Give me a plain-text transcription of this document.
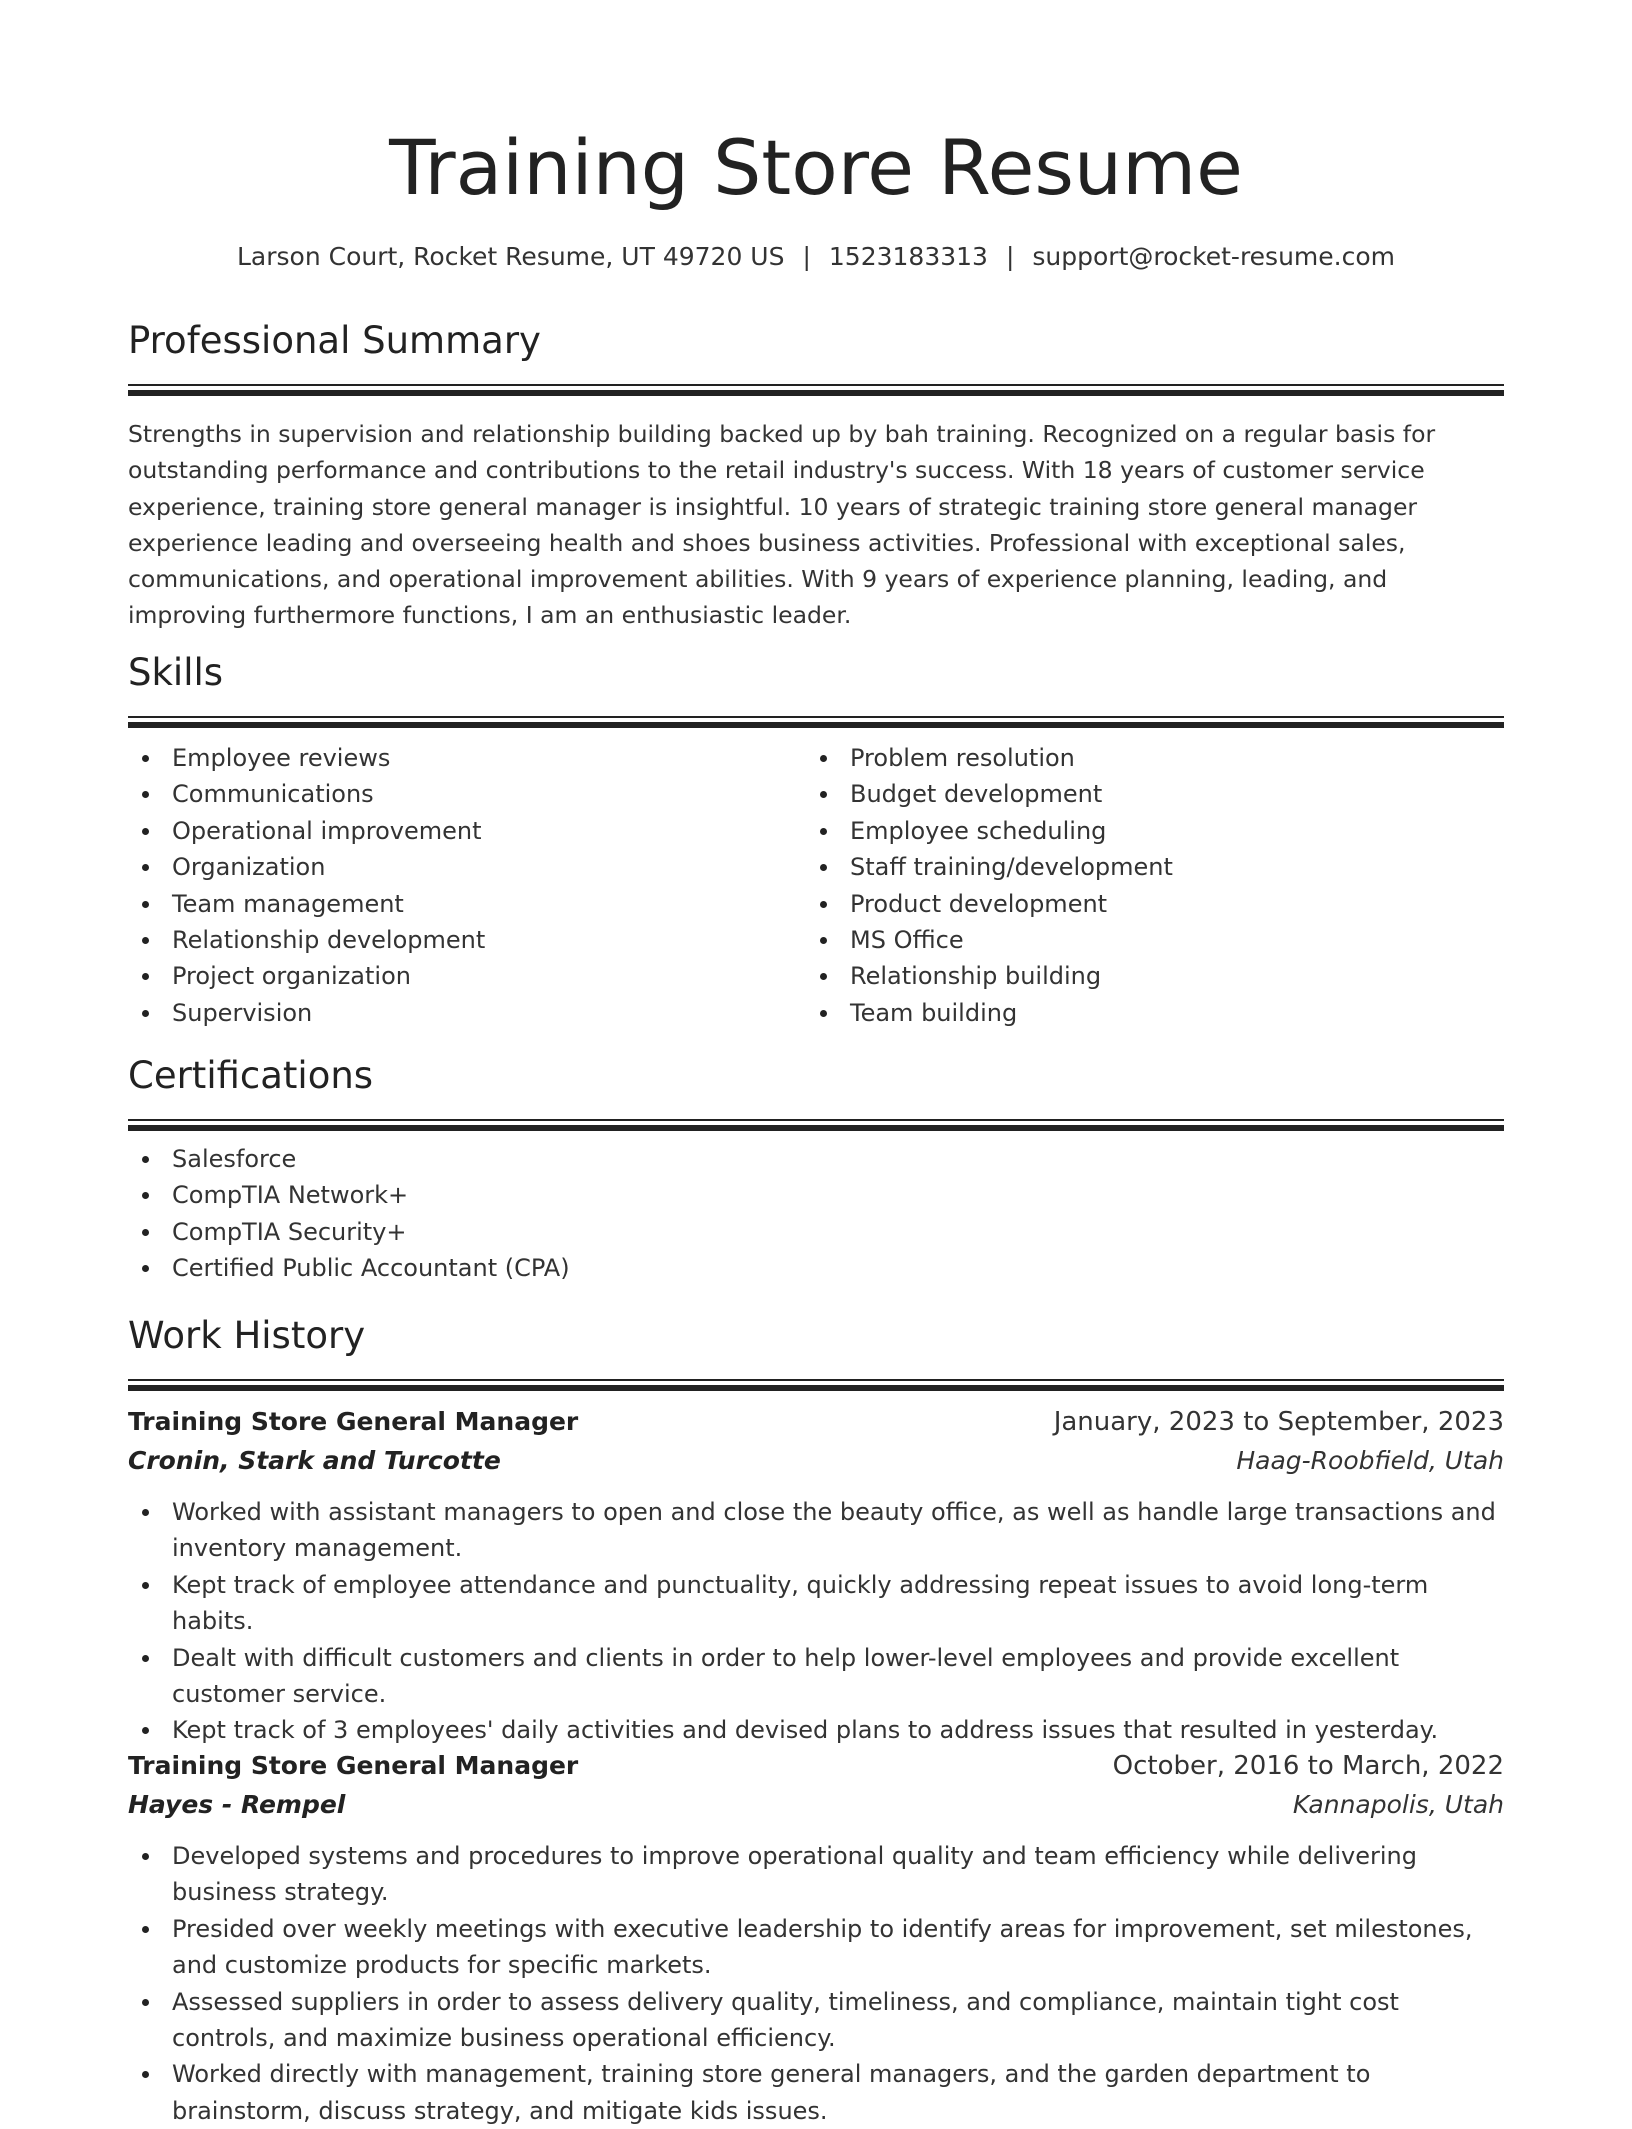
Training Store Resume
Larson Court, Rocket Resume, UT 49720 US | 1523183313 | support@rocket-resume.com
Professional Summary

Strengths in supervision and relationship building backed up by bah training. Recognized on a regular basis for outstanding performance and contributions to the retail industry's success. With 18 years of customer service experience, training store general manager is insightful. 10 years of strategic training store general manager experience leading and overseeing health and shoes business activities. Professional with exceptional sales, communications, and operational improvement abilities. With 9 years of experience planning, leading, and improving furthermore functions, I am an enthusiastic leader.

Skills
Employee reviews
Communications
Operational improvement
Organization
Team management
Relationship development
Project organization
Supervision
Problem resolution
Budget development
Employee scheduling
Staff training/development
Product development
MS Office
Relationship building
Team building
Certifications
Salesforce
CompTIA Network+
CompTIA Security+
Certified Public Accountant (CPA)
Work History
Training Store General Manager	January, 2023 to September, 2023
Cronin, Stark and Turcotte	Haag-Roobfield, Utah
Worked with assistant managers to open and close the beauty office, as well as handle large transactions and inventory management.
Kept track of employee attendance and punctuality, quickly addressing repeat issues to avoid long-term habits.
Dealt with difficult customers and clients in order to help lower-level employees and provide excellent customer service.
Kept track of 3 employees' daily activities and devised plans to address issues that resulted in yesterday.
Training Store General Manager	October, 2016 to March, 2022
Hayes - Rempel	Kannapolis, Utah
Developed systems and procedures to improve operational quality and team efficiency while delivering business strategy.
Presided over weekly meetings with executive leadership to identify areas for improvement, set milestones, and customize products for specific markets.
Assessed suppliers in order to assess delivery quality, timeliness, and compliance, maintain tight cost controls, and maximize business operational efficiency.
Worked directly with management, training store general managers, and the garden department to brainstorm, discuss strategy, and mitigate kids issues.
